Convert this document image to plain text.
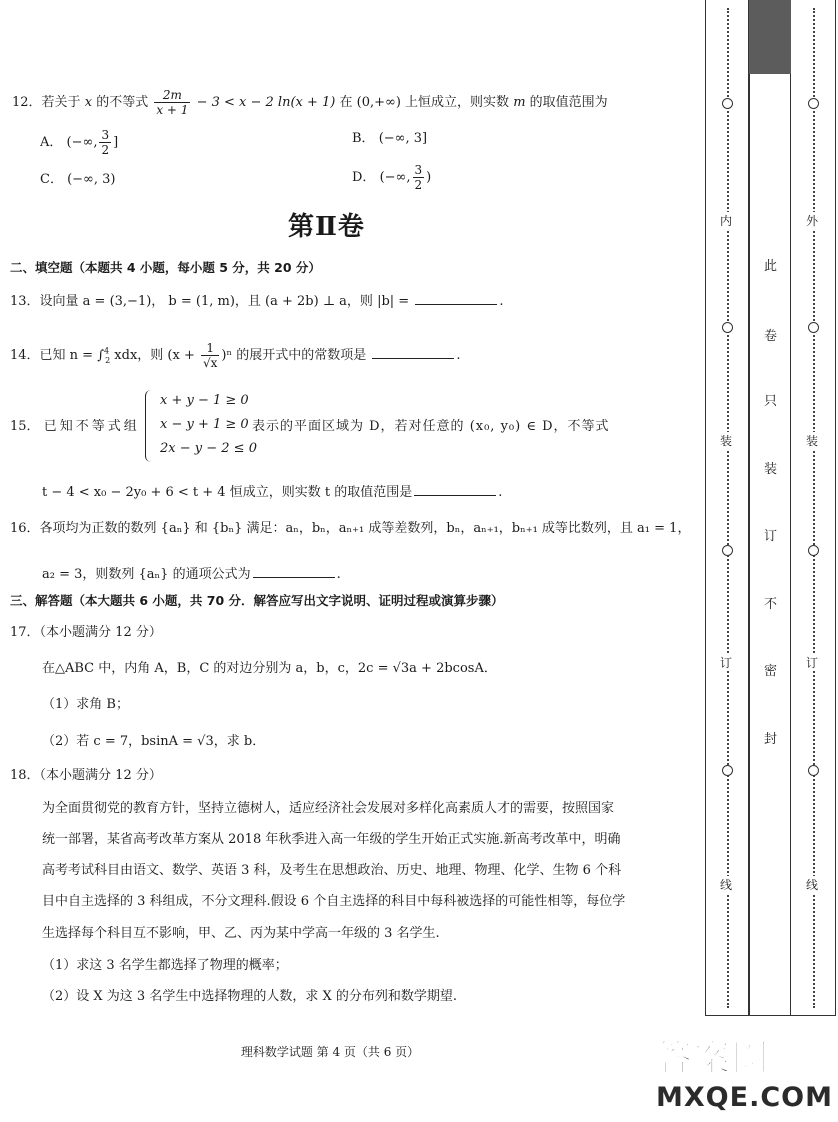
12．若关于 x 的不等式 $\frac{2m}{x + 1} - 3 < x - 2$ ln(x + 1) 在 (0,+∞) 上恒成立，则实数 m 的取值范围为
A． (−∞, $\frac{3}{2}$ ]	B． (−∞, 3]
C． (−∞, 3)	D． (−∞, $\frac{3}{2}$ )
第Ⅱ卷
二、填空题（本题共 4 小题，每小题 5 分，共 20 分）
13．设向量 a = (3,−1)， b = (1, m)，且 (a + 2b) ⊥ a，则 |b| =	.
14．已知 n = ∫$^4_2$ xdx，则 $(x + \frac{1}{√x} )^n$ 的展开式中的常数项是	.
15． 已知不等式组
x + y − 1 ≥ 0
x − y + 1 ≥ 0
2x − y − 2 ≤ 0
表示的平面区域为 D，若对任意的 (x₀, y₀) ∈ D，不等式
t − 4 < x₀ − 2y₀ + 6 < t + 4 恒成立，则实数 t 的取值范围是	.
16．各项均为正数的数列 {aₙ} 和 {bₙ} 满足：aₙ，bₙ，aₙ₊₁ 成等差数列，bₙ，aₙ₊₁，bₙ₊₁ 成等比数列，且 a₁ = 1，
a₂ = 3，则数列 {aₙ} 的通项公式为	.
三、解答题（本大题共 6 小题，共 70 分．解答应写出文字说明、证明过程或演算步骤）
17．（本小题满分 12 分）
在△ABC 中，内角 A，B，C 的对边分别为 a，b，c，2c = √3a + 2bcosA．
（1）求角 B；
（2）若 c = 7，bsinA = √3，求 b．
18．（本小题满分 12 分）
为全面贯彻党的教育方针，坚持立德树人，适应经济社会发展对多样化高素质人才的需要，按照国家
统一部署，某省高考改革方案从 2018 年秋季进入高一年级的学生开始正式实施.新高考改革中，明确
高考考试科目由语文、数学、英语 3 科，及考生在思想政治、历史、地理、物理、化学、生物 6 个科
目中自主选择的 3 科组成，不分文理科.假设 6 个自主选择的科目中每科被选择的可能性相等，每位学
生选择每个科目互不影响，甲、乙、丙为某中学高一年级的 3 名学生.
（1）求这 3 名学生都选择了物理的概率；
（2）设 X 为这 3 名学生中选择物理的人数，求 X 的分布列和数学期望.
理科数学试题 第 4 页（共 6 页）
内
装
订
线
外
装
订
线
此
卷
只
装
订
不
密
封
答案圈
MXQE.COM
